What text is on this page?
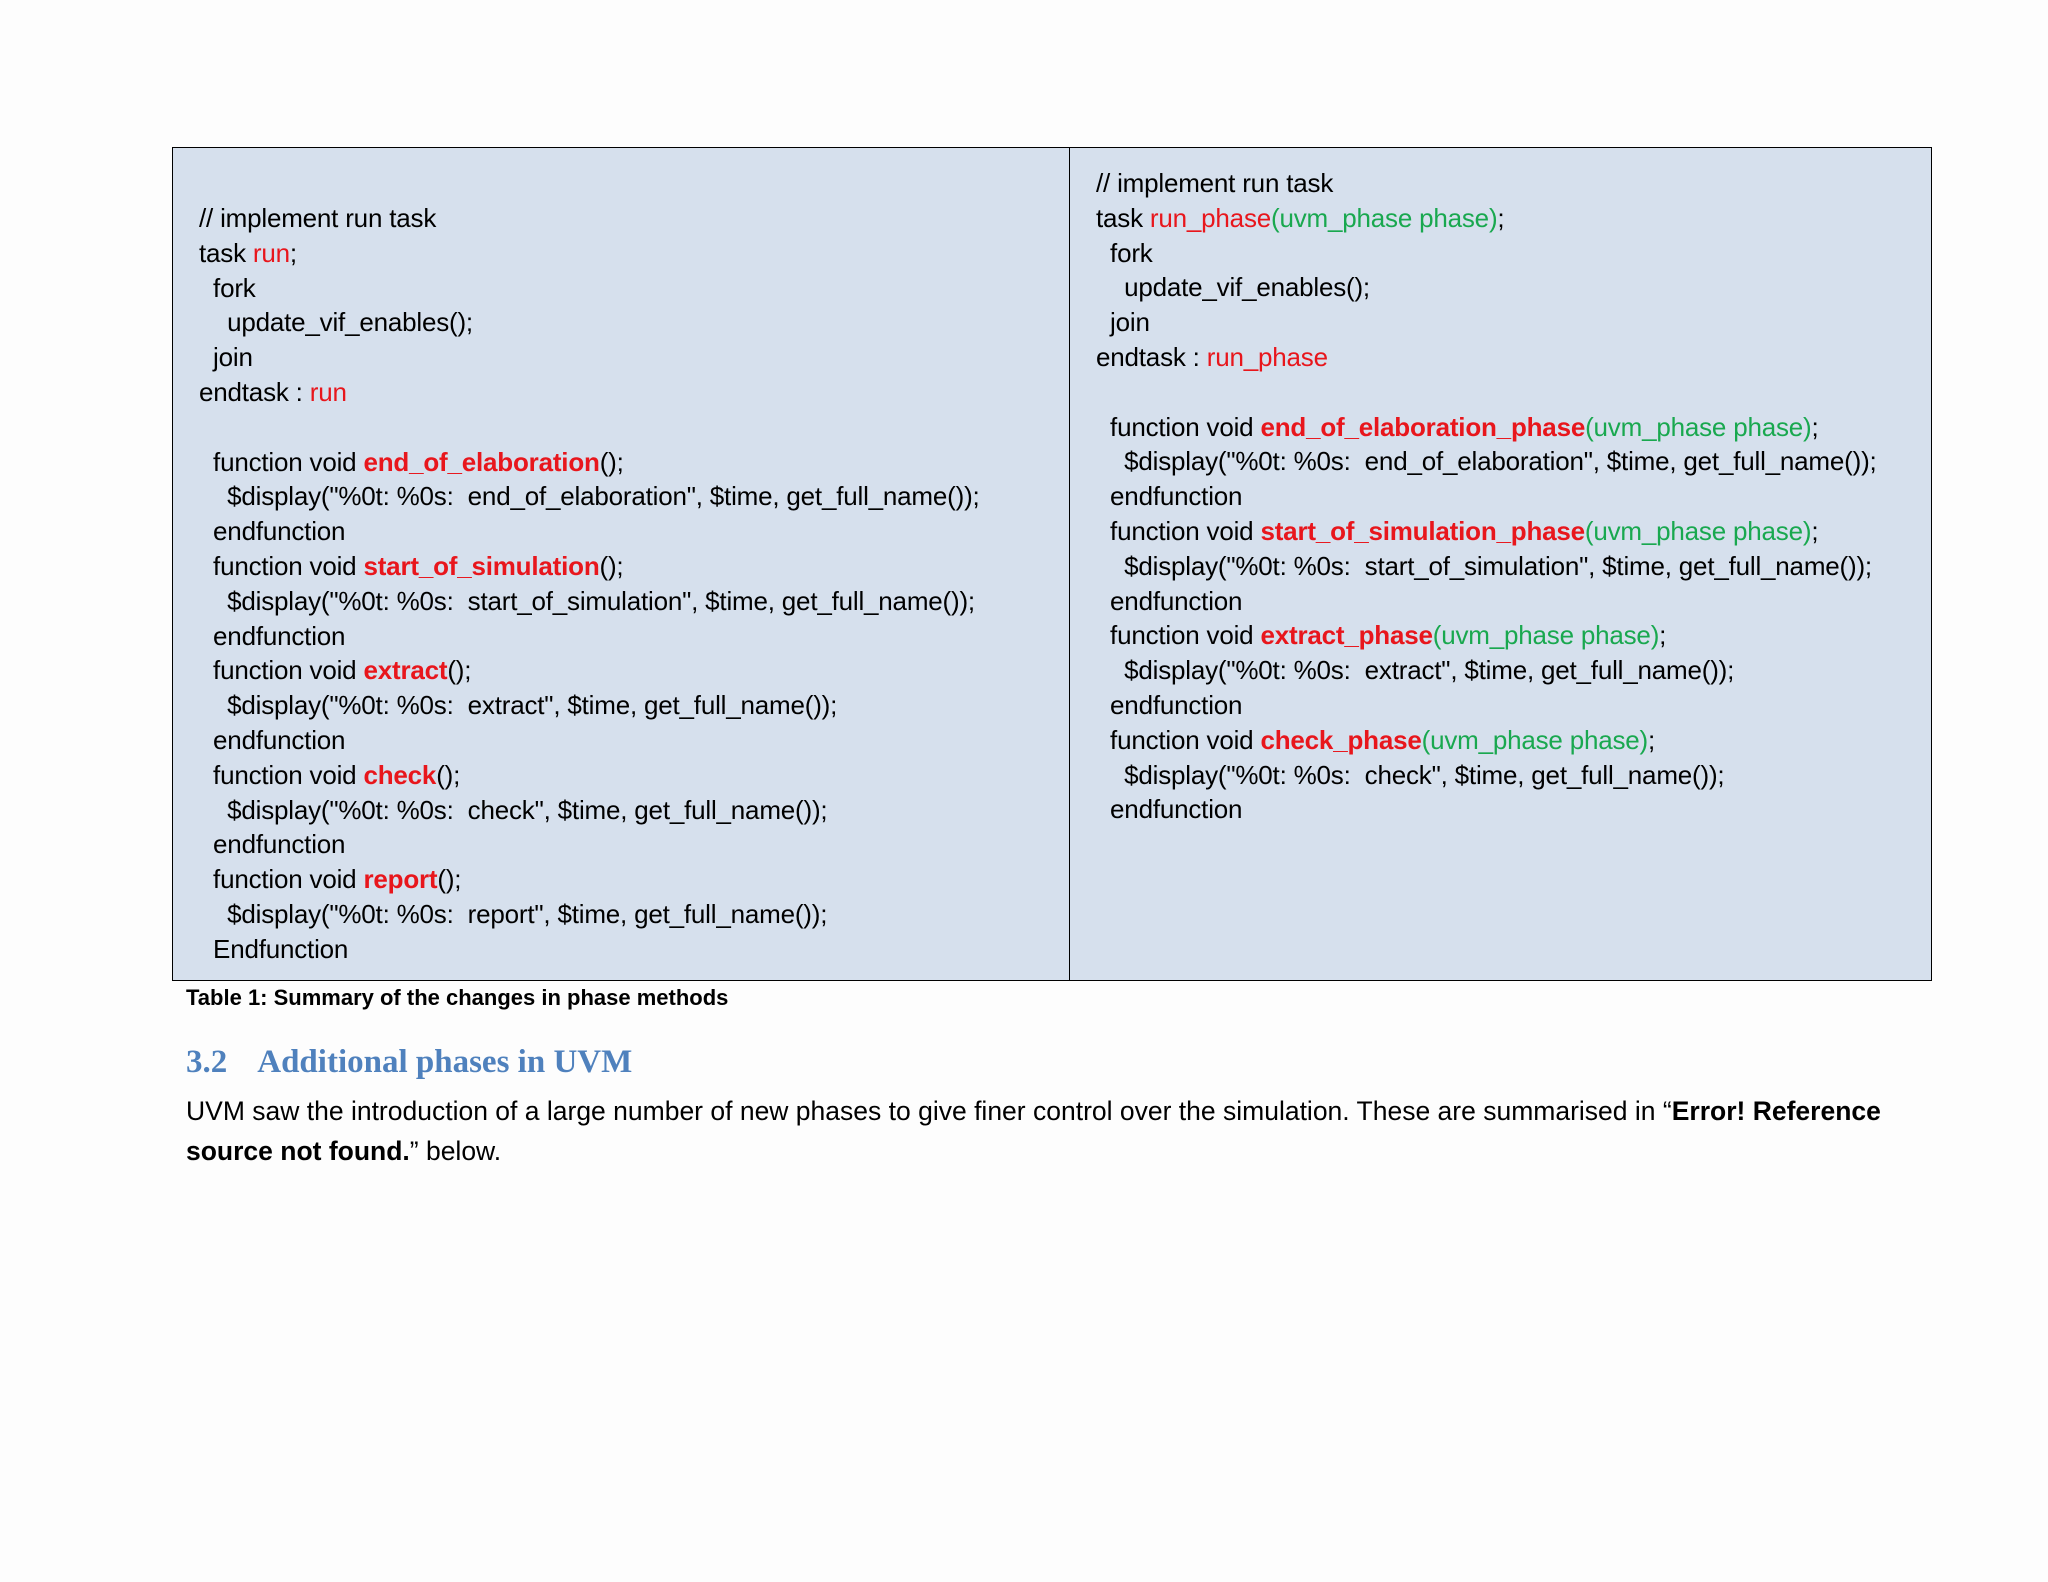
// implement run task
task run;
fork
update_vif_enables();
join
endtask : run
function void end_of_elaboration();
$display("%0t: %0s:  end_of_elaboration", $time, get_full_name());
endfunction
function void start_of_simulation();
$display("%0t: %0s:  start_of_simulation", $time, get_full_name());
endfunction
function void extract();
$display("%0t: %0s:  extract", $time, get_full_name());
endfunction
function void check();
$display("%0t: %0s:  check", $time, get_full_name());
endfunction
function void report();
$display("%0t: %0s:  report", $time, get_full_name());
Endfunction
// implement run task
task run_phase(uvm_phase phase);
fork
update_vif_enables();
join
endtask : run_phase
function void end_of_elaboration_phase(uvm_phase phase);
$display("%0t: %0s:  end_of_elaboration", $time, get_full_name());
endfunction
function void start_of_simulation_phase(uvm_phase phase);
$display("%0t: %0s:  start_of_simulation", $time, get_full_name());
endfunction
function void extract_phase(uvm_phase phase);
$display("%0t: %0s:  extract", $time, get_full_name());
endfunction
function void check_phase(uvm_phase phase);
$display("%0t: %0s:  check", $time, get_full_name());
endfunction
Table 1: Summary of the changes in phase methods
3.2 Additional phases in UVM
UVM saw the introduction of a large number of new phases to give finer control over the simulation. These are summarised in “Error! Reference source not found.” below.
